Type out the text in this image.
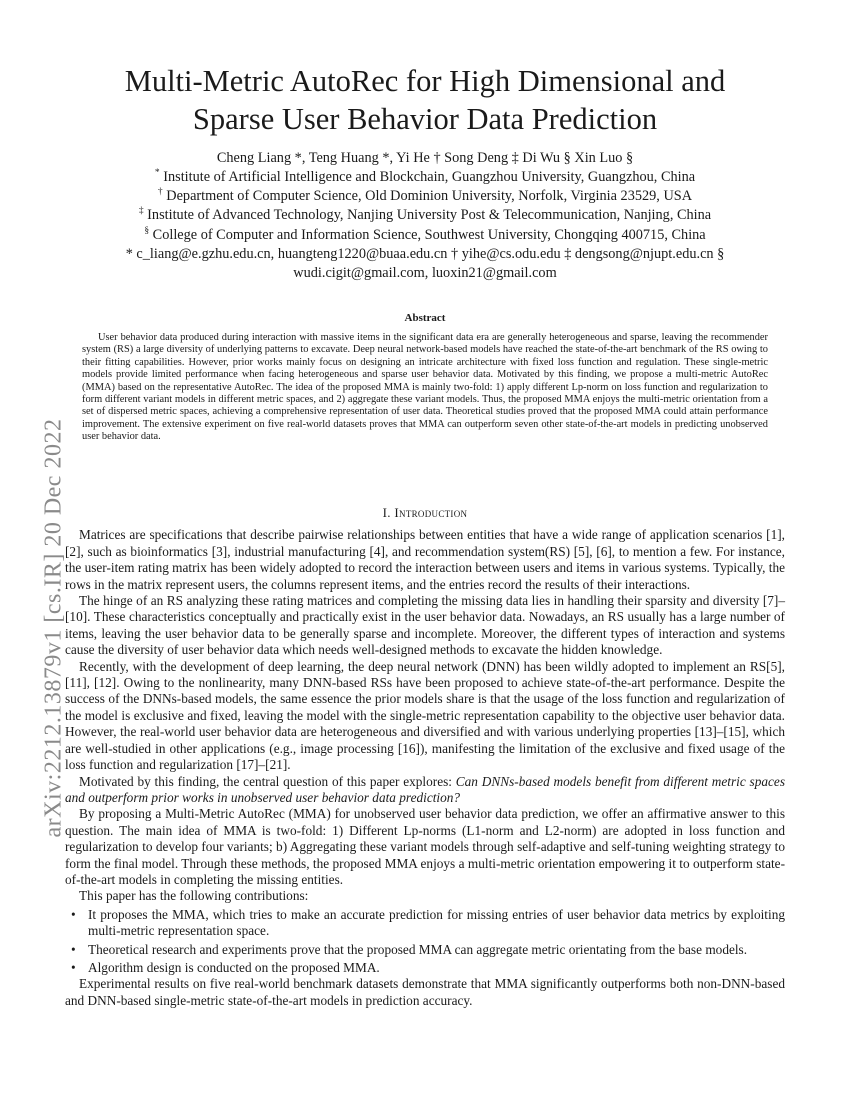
arXiv:2212.13879v1 [cs.IR] 20 Dec 2022
Multi-Metric AutoRec for High Dimensional and
Sparse User Behavior Data Prediction

Cheng Liang *, Teng Huang *, Yi He † Song Deng ‡ Di Wu § Xin Luo §

* Institute of Artificial Intelligence and Blockchain, Guangzhou University, Guangzhou, China

† Department of Computer Science, Old Dominion University, Norfolk, Virginia 23529, USA

‡ Institute of Advanced Technology, Nanjing University Post & Telecommunication, Nanjing, China

§ College of Computer and Information Science, Southwest University, Chongqing 400715, China

* c_liang@e.gzhu.edu.cn, huangteng1220@buaa.edu.cn † yihe@cs.odu.edu ‡ dengsong@njupt.edu.cn §

wudi.cigit@gmail.com, luoxin21@gmail.com

Abstract

User behavior data produced during interaction with massive items in the significant data era are generally heterogeneous and sparse, leaving the recommender system (RS) a large diversity of underlying patterns to excavate. Deep neural network-based models have reached the state-of-the-art benchmark of the RS owing to their fitting capabilities. However, prior works mainly focus on designing an intricate architecture with fixed loss function and regulation. These single-metric models provide limited performance when facing heterogeneous and sparse user behavior data. Motivated by this finding, we propose a multi-metric AutoRec (MMA) based on the representative AutoRec. The idea of the proposed MMA is mainly two-fold: 1) apply different Lp-norm on loss function and regularization to form different variant models in different metric spaces, and 2) aggregate these variant models. Thus, the proposed MMA enjoys the multi-metric orientation from a set of dispersed metric spaces, achieving a comprehensive representation of user data. Theoretical studies proved that the proposed MMA could attain performance improvement. The extensive experiment on five real-world datasets proves that MMA can outperform seven other state-of-the-art models in predicting unobserved user behavior data.

I. Introduction

Matrices are specifications that describe pairwise relationships between entities that have a wide range of application scenarios [1], [2], such as bioinformatics [3], industrial manufacturing [4], and recommendation system(RS) [5], [6], to mention a few. For instance, the user-item rating matrix has been widely adopted to record the interaction between users and items in various systems. Typically, the rows in the matrix represent users, the columns represent items, and the entries record the results of their interactions.

The hinge of an RS analyzing these rating matrices and completing the missing data lies in handling their sparsity and diversity [7]–[10]. These characteristics conceptually and practically exist in the user behavior data. Nowadays, an RS usually has a large number of items, leaving the user behavior data to be generally sparse and incomplete. Moreover, the different types of interaction and systems cause the diversity of user behavior data which needs well-designed methods to excavate the hidden knowledge.

Recently, with the development of deep learning, the deep neural network (DNN) has been wildly adopted to implement an RS[5], [11], [12]. Owing to the nonlinearity, many DNN-based RSs have been proposed to achieve state-of-the-art performance. Despite the success of the DNNs-based models, the same essence the prior models share is that the usage of the loss function and regularization of the model is exclusive and fixed, leaving the model with the single-metric representation capability to the objective user behavior data. However, the real-world user behavior data are heterogeneous and diversified and with various underlying properties [13]–[15], which are well-studied in other applications (e.g., image processing [16]), manifesting the limitation of the exclusive and fixed usage of the loss function and regularization [17]–[21].

Motivated by this finding, the central question of this paper explores: Can DNNs-based models benefit from different metric spaces and outperform prior works in unobserved user behavior data prediction?

By proposing a Multi-Metric AutoRec (MMA) for unobserved user behavior data prediction, we offer an affirmative answer to this question. The main idea of MMA is two-fold: 1) Different Lp-norms (L1-norm and L2-norm) are adopted in loss function and regularization to develop four variants; b) Aggregating these variant models through self-adaptive and self-tuning weighting strategy to form the final model. Through these methods, the proposed MMA enjoys a multi-metric orientation empowering it to outperform state-of-the-art models in completing the missing entities.

This paper has the following contributions:

• It proposes the MMA, which tries to make an accurate prediction for missing entries of user behavior data metrics by exploiting multi-metric representation space.
• Theoretical research and experiments prove that the proposed MMA can aggregate metric orientating from the base models.
• Algorithm design is conducted on the proposed MMA.

Experimental results on five real-world benchmark datasets demonstrate that MMA significantly outperforms both non-DNN-based and DNN-based single-metric state-of-the-art models in prediction accuracy.
